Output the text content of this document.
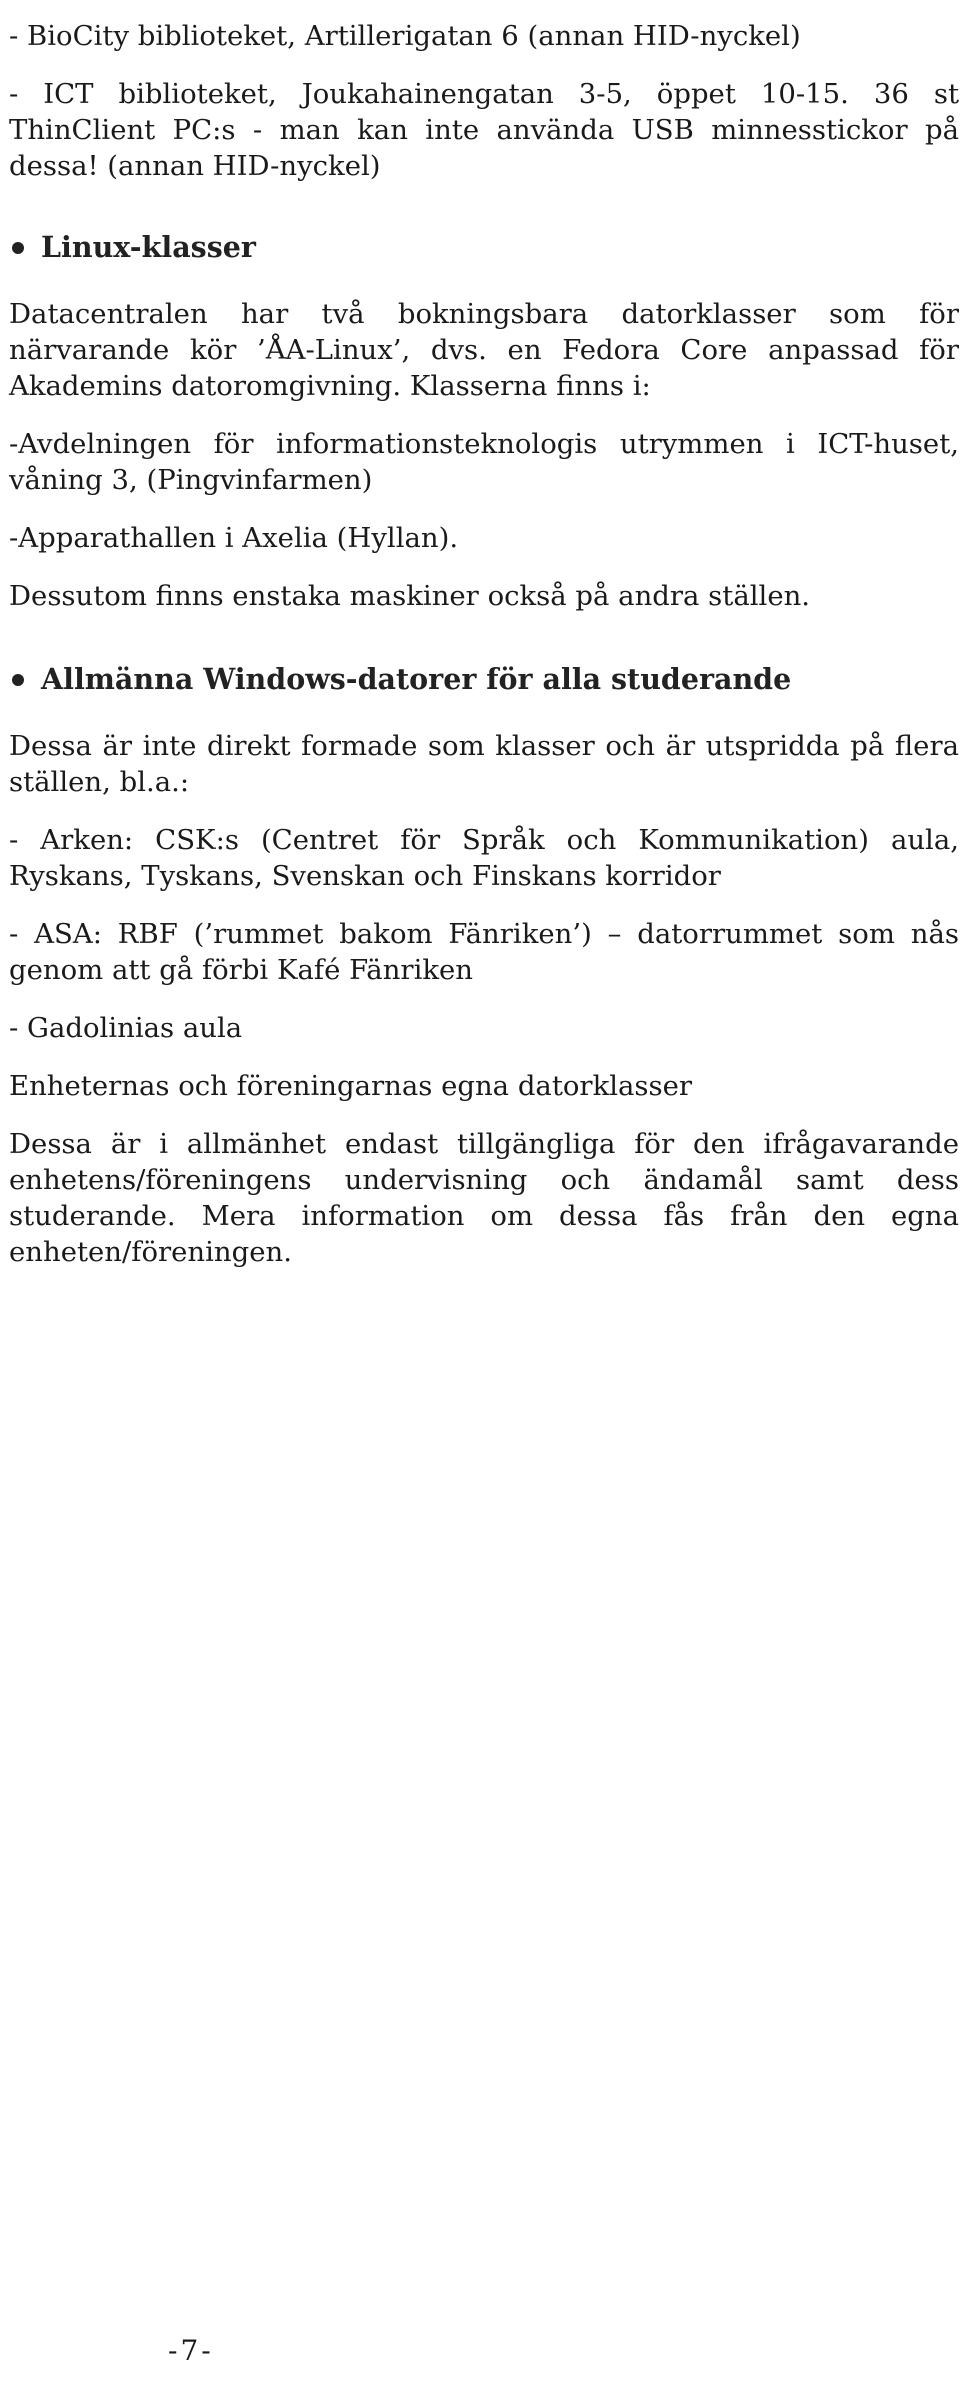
- BioCity biblioteket, Artillerigatan 6 (annan HID-nyckel)

- ICT biblioteket, Joukahainengatan 3-5, öppet 10-15. 36 st ThinClient PC:s - man kan inte använda USB minnesstickor på dessa! (annan HID-nyckel)

Linux-klasser

Datacentralen har två bokningsbara datorklasser som för närvarande kör ’ÅA-Linux’, dvs. en Fedora Core anpassad för Akademins datoromgivning. Klasserna finns i:

-Avdelningen för informationsteknologis utrymmen i ICT-huset, våning 3, (Pingvinfarmen)

-Apparathallen i Axelia (Hyllan).

Dessutom finns enstaka maskiner också på andra ställen.

Allmänna Windows-datorer för alla studerande

Dessa är inte direkt formade som klasser och är utspridda på flera ställen, bl.a.:

- Arken: CSK:s (Centret för Språk och Kommunikation) aula, Ryskans, Tyskans, Svenskan och Finskans korridor

- ASA: RBF (’rummet bakom Fänriken’) – datorrummet som nås genom att gå förbi Kafé Fänriken

- Gadolinias aula

Enheternas och föreningarnas egna datorklasser

Dessa är i allmänhet endast tillgängliga för den ifrågavarande enhetens/föreningens undervisning och ändamål samt dess studerande. Mera information om dessa fås från den egna enheten/föreningen.

-7-
